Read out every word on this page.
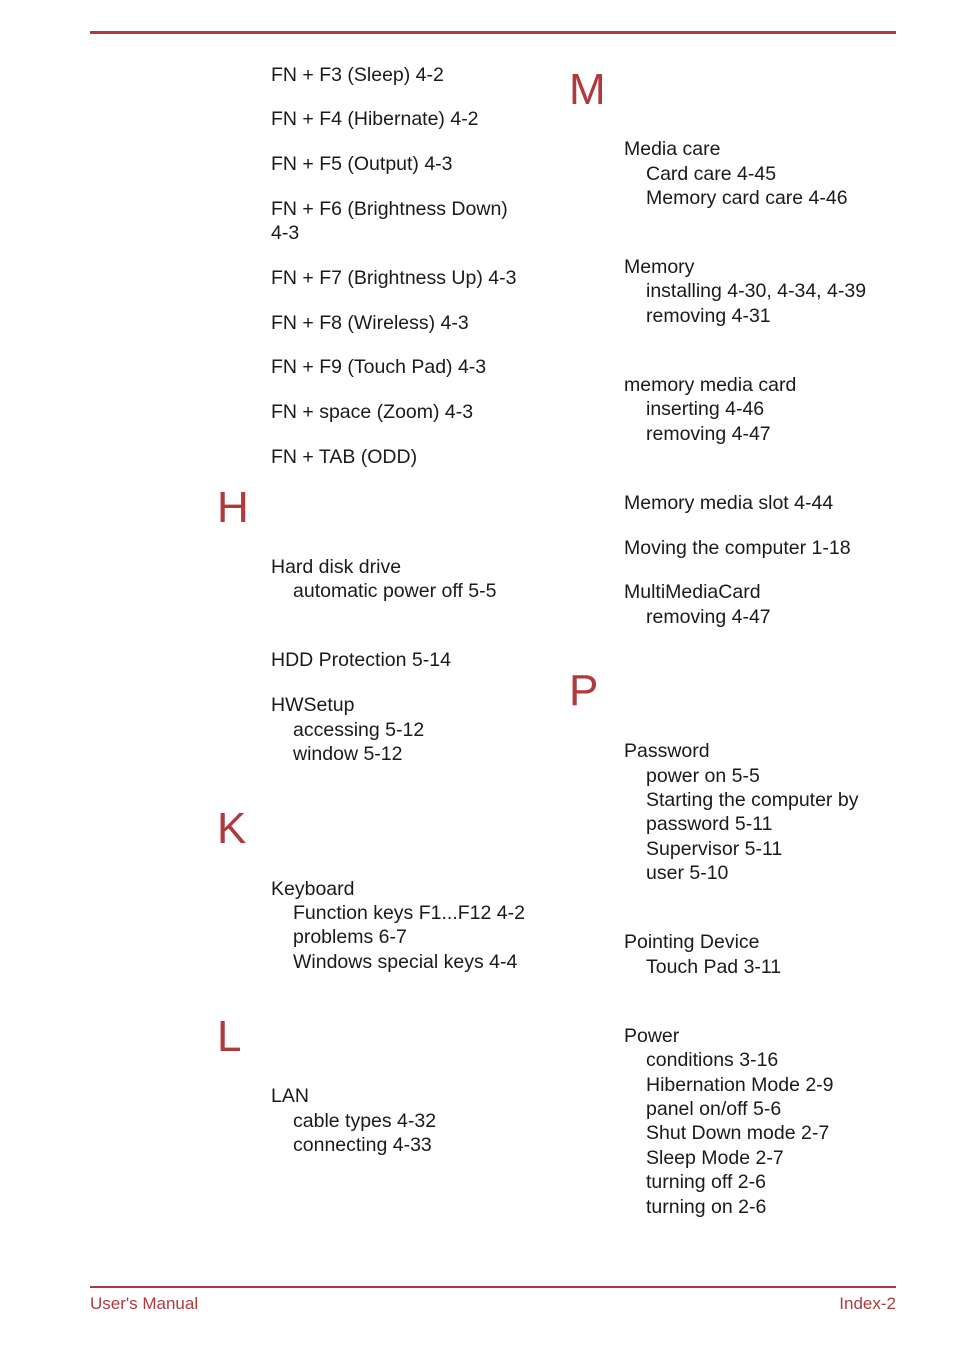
FN + F3 (Sleep) 4-2
FN + F4 (Hibernate) 4-2
FN + F5 (Output) 4-3
FN + F6 (Brightness Down)
4-3
FN + F7 (Brightness Up) 4-3
FN + F8 (Wireless) 4-3
FN + F9 (Touch Pad) 4-3
FN + space (Zoom) 4-3
FN + TAB (ODD)
H
Hard disk drive
automatic power off 5-5
HDD Protection 5-14
HWSetup
accessing 5-12
window 5-12
K
Keyboard
Function keys F1...F12 4-2
problems 6-7
Windows special keys 4-4
L
LAN
cable types 4-32
connecting 4-33
M
Media care
Card care 4-45
Memory card care 4-46
Memory
installing 4-30, 4-34, 4-39
removing 4-31
memory media card
inserting 4-46
removing 4-47
Memory media slot 4-44
Moving the computer 1-18
MultiMediaCard
removing 4-47
P
Password
power on 5-5
Starting the computer by
password 5-11
Supervisor 5-11
user 5-10
Pointing Device
Touch Pad 3-11
Power
conditions 3-16
Hibernation Mode 2-9
panel on/off 5-6
Shut Down mode 2-7
Sleep Mode 2-7
turning off 2-6
turning on 2-6
User's Manual	Index-2
